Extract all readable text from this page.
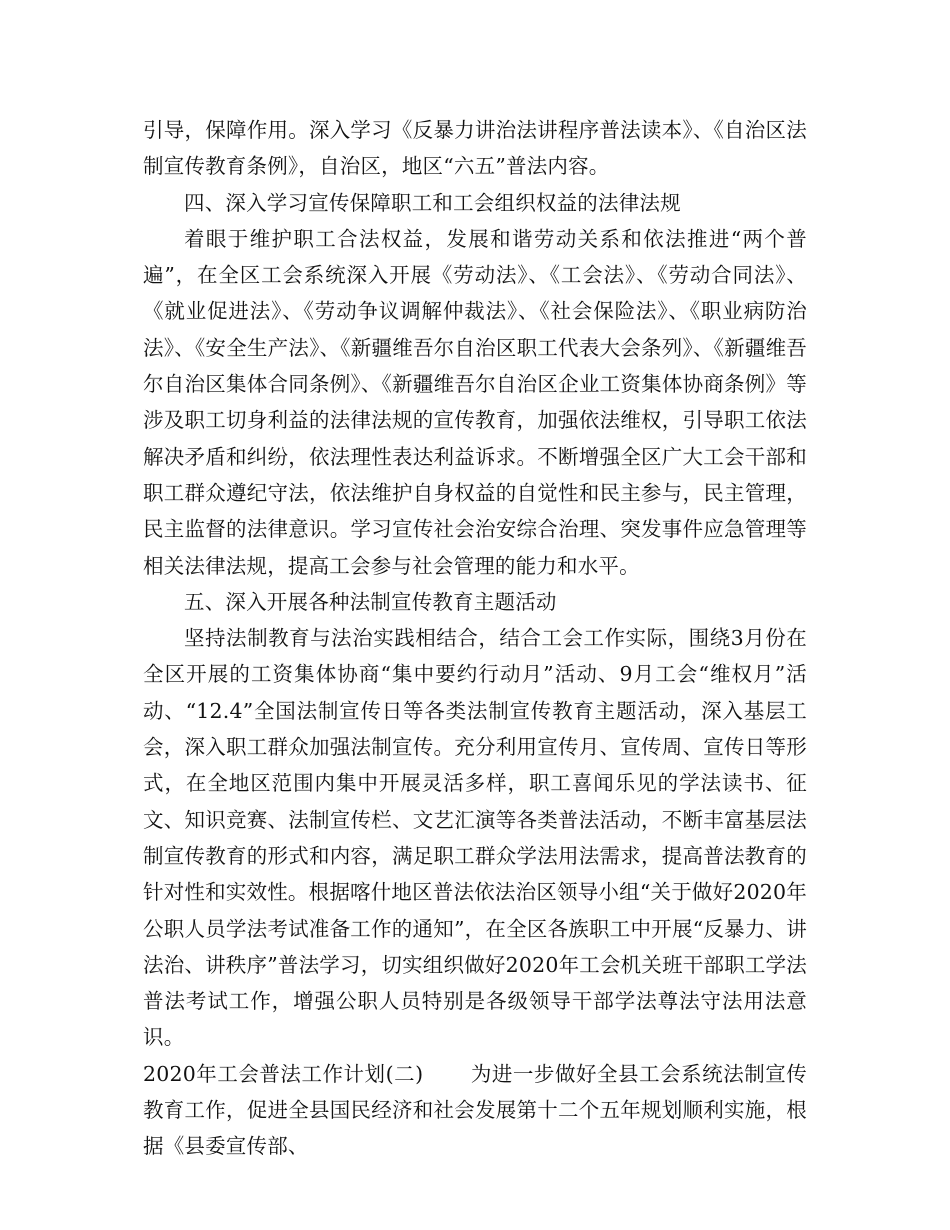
引导，保障作用。深入学习《反暴力讲治法讲程序普法读本》、《自治区法制宣传教育条例》，自治区，地区“六五”普法内容。

四、深入学习宣传保障职工和工会组织权益的法律法规

着眼于维护职工合法权益，发展和谐劳动关系和依法推进“两个普遍”，在全区工会系统深入开展《劳动法》、《工会法》、《劳动合同法》、《就业促进法》、《劳动争议调解仲裁法》、《社会保险法》、《职业病防治法》、《安全生产法》、《新疆维吾尔自治区职工代表大会条列》、《新疆维吾尔自治区集体合同条例》、《新疆维吾尔自治区企业工资集体协商条例》等涉及职工切身利益的法律法规的宣传教育，加强依法维权，引导职工依法解决矛盾和纠纷，依法理性表达利益诉求。不断增强全区广大工会干部和职工群众遵纪守法，依法维护自身权益的自觉性和民主参与，民主管理，民主监督的法律意识。学习宣传社会治安综合治理、突发事件应急管理等相关法律法规，提高工会参与社会管理的能力和水平。

五、深入开展各种法制宣传教育主题活动

坚持法制教育与法治实践相结合，结合工会工作实际，围绕3月份在全区开展的工资集体协商“集中要约行动月”活动、9月工会“维权月”活动、“12.4”全国法制宣传日等各类法制宣传教育主题活动，深入基层工会，深入职工群众加强法制宣传。充分利用宣传月、宣传周、宣传日等形式，在全地区范围内集中开展灵活多样，职工喜闻乐见的学法读书、征文、知识竞赛、法制宣传栏、文艺汇演等各类普法活动，不断丰富基层法制宣传教育的形式和内容，满足职工群众学法用法需求，提高普法教育的针对性和实效性。根据喀什地区普法依法治区领导小组“关于做好2020年公职人员学法考试准备工作的通知”，在全区各族职工中开展“反暴力、讲法治、讲秩序”普法学习，切实组织做好2020年工会机关班干部职工学法普法考试工作，增强公职人员特别是各级领导干部学法尊法守法用法意识。

2020年工会普法工作计划(二) 为进一步做好全县工会系统法制宣传教育工作，促进全县国民经济和社会发展第十二个五年规划顺利实施，根据《县委宣传部、
